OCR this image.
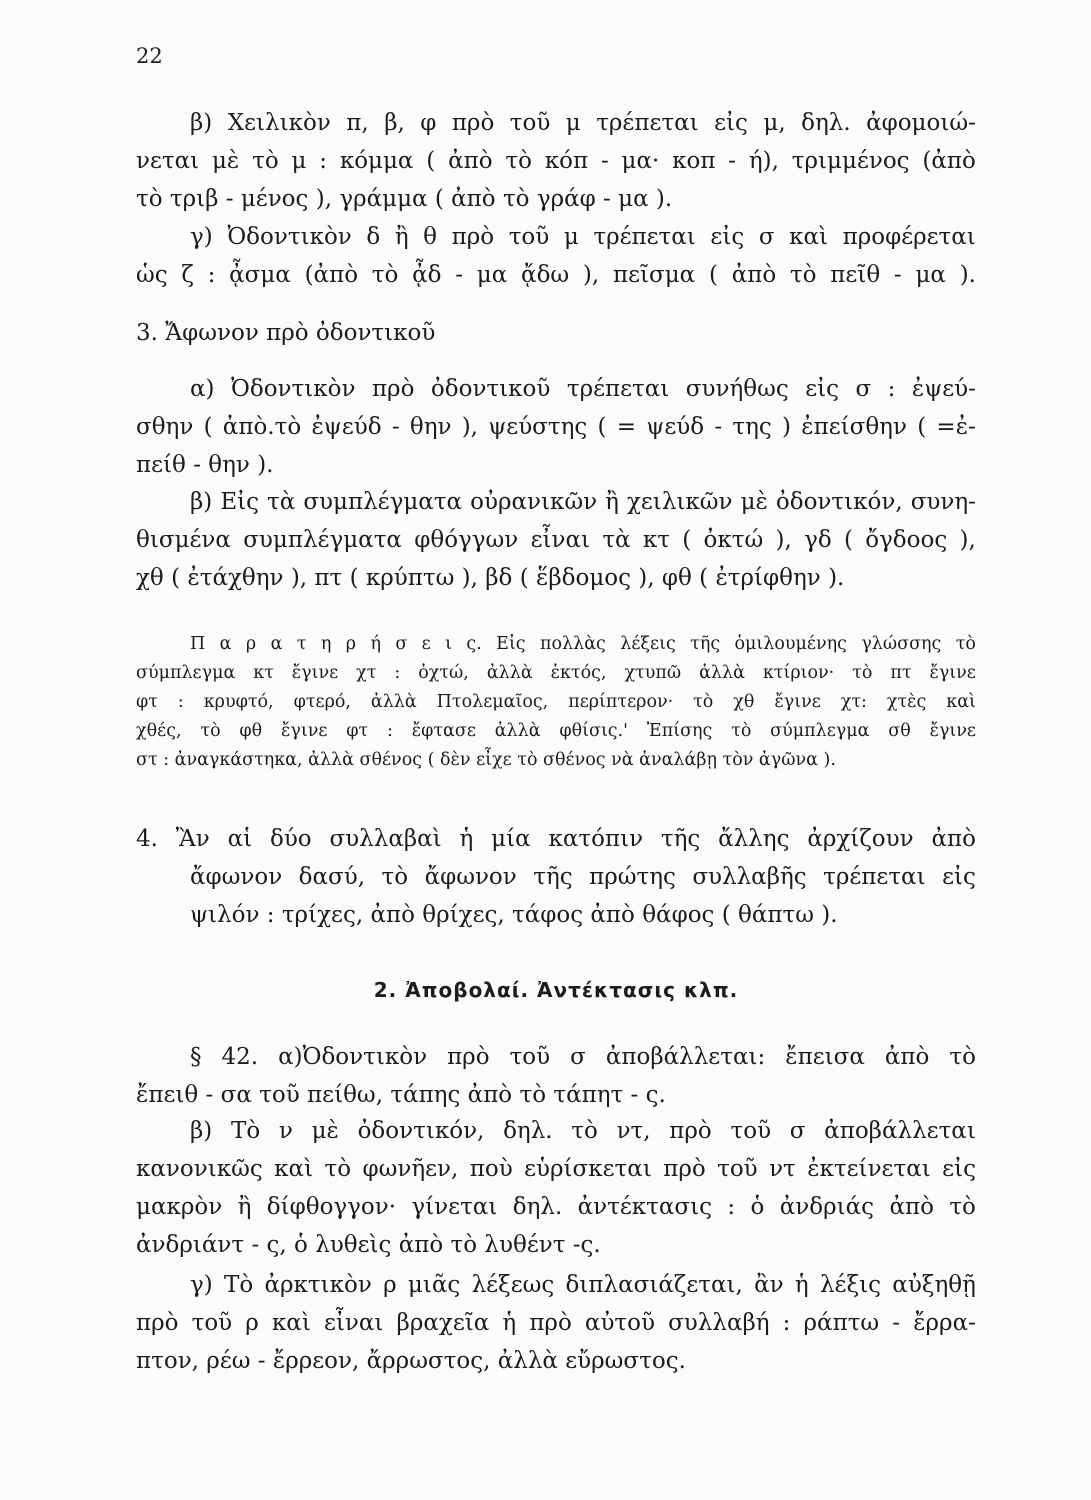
22
β) Χειλικὸν π, β, φ πρὸ τοῦ μ τρέπεται εἰς μ, δηλ. ἀφομοιώ-
νεται μὲ τὸ μ : κόμμα ( ἀπὸ τὸ κόπ - μα· κοπ - ή), τριμμένος (ἀπὸ
τὸ τριβ - μένος ), γράμμα ( ἀπὸ τὸ γράφ - μα ).
γ) Ὀδοντικὸν δ ἢ θ πρὸ τοῦ μ τρέπεται εἰς σ καὶ προφέρεται
ὡς ζ : ᾆσμα (ἀπὸ τὸ ᾆδ - μα ᾄδω ), πεῖσμα ( ἀπὸ τὸ πεῖθ - μα ).
3. Ἄφωνον πρὸ ὀδοντικοῦ
α) Ὀδοντικὸν πρὸ ὀδοντικοῦ τρέπεται συνήθως εἰς σ : ἐψεύ-
σθην ( ἀπὸ.τὸ ἐψεύδ - θην ), ψεύστης ( = ψεύδ - της ) ἐπείσθην ( =ἐ-
πείθ - θην ).
β) Εἰς τὰ συμπλέγματα οὐρανικῶν ἢ χειλικῶν μὲ ὀδοντικόν, συνη-
θισμένα συμπλέγματα φθόγγων εἶναι τὰ κτ ( ὀκτώ ), γδ ( ὄγδοος ),
χθ ( ἐτάχθην ), πτ ( κρύπτω ), βδ ( ἕβδομος ), φθ ( ἐτρίφθην ).
Π α ρ α τ η ρ ή σ ε ι ς. Εἰς πολλὰς λέξεις τῆς ὁμιλουμένης γλώσσης τὸ
σύμπλεγμα κτ ἔγινε χτ : ὀχτώ, ἀλλὰ ἐκτός, χτυπῶ ἀλλὰ κτίριον· τὸ πτ ἔγινε
φτ : κρυφτό, φτερό, ἀλλὰ Πτολεμαῖος, περίπτερον· τὸ χθ ἔγινε χτ: χτὲς καὶ
χθές, τὸ φθ ἔγινε φτ : ἔφτασε ἀλλὰ φθίσις.' Ἐπίσης τὸ σύμπλεγμα σθ ἔγινε
στ : ἀναγκάστηκα, ἀλλὰ σθένος ( δὲν εἶχε τὸ σθένος νὰ ἀναλάβῃ τὸν ἀγῶνα ).
4. Ἂν αἱ δύο συλλαβαὶ ἡ μία κατόπιν τῆς ἄλλης ἀρχίζουν ἀπὸ
ἄφωνον δασύ, τὸ ἄφωνον τῆς πρώτης συλλαβῆς τρέπεται εἰς
ψιλόν : τρίχες, ἀπὸ θρίχες, τάφος ἀπὸ θάφος ( θάπτω ).
2. Ἀποβολαί. Ἀντέκτασις κλπ.
§ 42. α)Ὀδοντικὸν πρὸ τοῦ σ ἀποβάλλεται: ἔπεισα ἀπὸ τὸ
ἔπειθ - σα τοῦ πείθω, τάπης ἀπὸ τὸ τάπητ - ς.
β) Τὸ ν μὲ ὀδοντικόν, δηλ. τὸ ντ, πρὸ τοῦ σ ἀποβάλλεται
κανονικῶς καὶ τὸ φωνῆεν, ποὺ εὑρίσκεται πρὸ τοῦ ντ ἐκτείνεται εἰς
μακρὸν ἢ δίφθογγον· γίνεται δηλ. ἀντέκτασις : ὁ ἀνδριάς ἀπὸ τὸ
ἀνδριάντ - ς, ὁ λυθεὶς ἀπὸ τὸ λυθέντ -ς.
γ) Τὸ ἀρκτικὸν ρ μιᾶς λέξεως διπλασιάζεται, ἂν ἡ λέξις αὐξηθῇ
πρὸ τοῦ ρ καὶ εἶναι βραχεῖα ἡ πρὸ αὐτοῦ συλλαβή : ράπτω - ἔρρα-
πτον, ρέω - ἔρρεον, ἄρρωστος, ἀλλὰ εὔρωστος.
